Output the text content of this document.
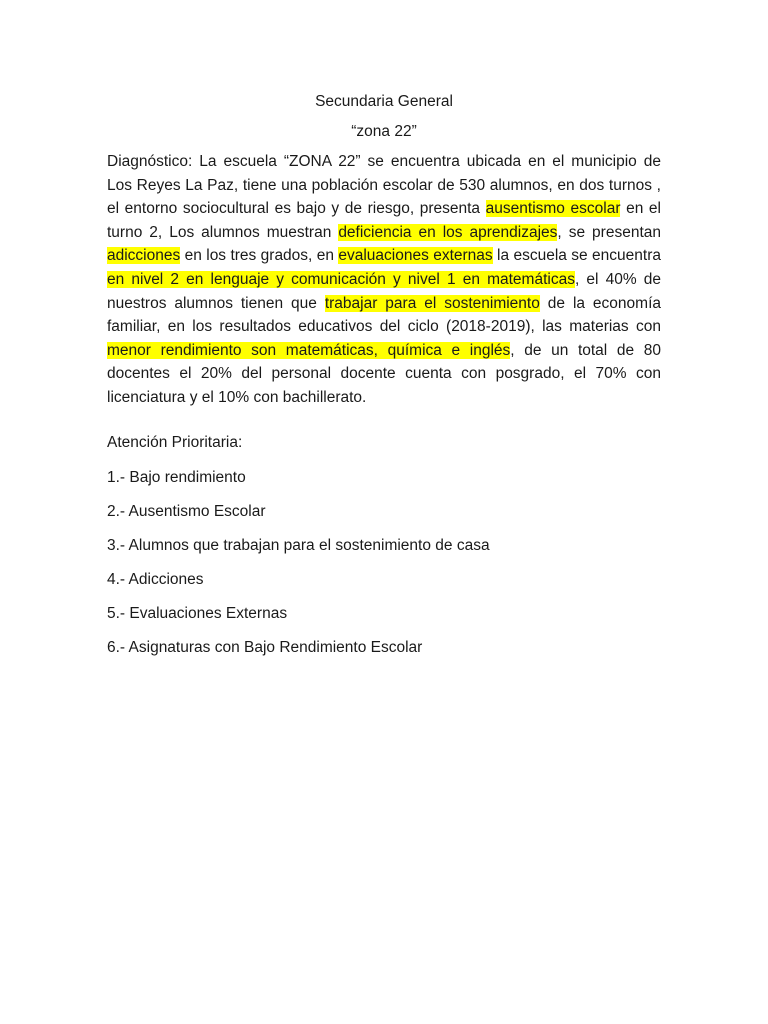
Secundaria General

“zona 22”

Diagnóstico: La escuela “ZONA 22” se encuentra ubicada en el municipio de Los Reyes La Paz, tiene una población escolar de 530 alumnos, en dos turnos , el entorno sociocultural es bajo y de riesgo, presenta ausentismo escolar en el turno 2, Los alumnos muestran deficiencia en los aprendizajes, se presentan adicciones en los tres grados, en evaluaciones externas la escuela se encuentra en nivel 2 en lenguaje y comunicación y nivel 1 en matemáticas, el 40% de nuestros alumnos tienen que trabajar para el sostenimiento de la economía familiar, en los resultados educativos del ciclo (2018-2019), las materias con menor rendimiento son matemáticas, química e inglés, de un total de 80 docentes el 20% del personal docente cuenta con posgrado, el 70% con licenciatura y el 10% con bachillerato.

Atención Prioritaria:

1.- Bajo rendimiento

2.- Ausentismo Escolar

3.- Alumnos que trabajan para el sostenimiento de casa

4.- Adicciones

5.- Evaluaciones Externas

6.- Asignaturas con Bajo Rendimiento Escolar
